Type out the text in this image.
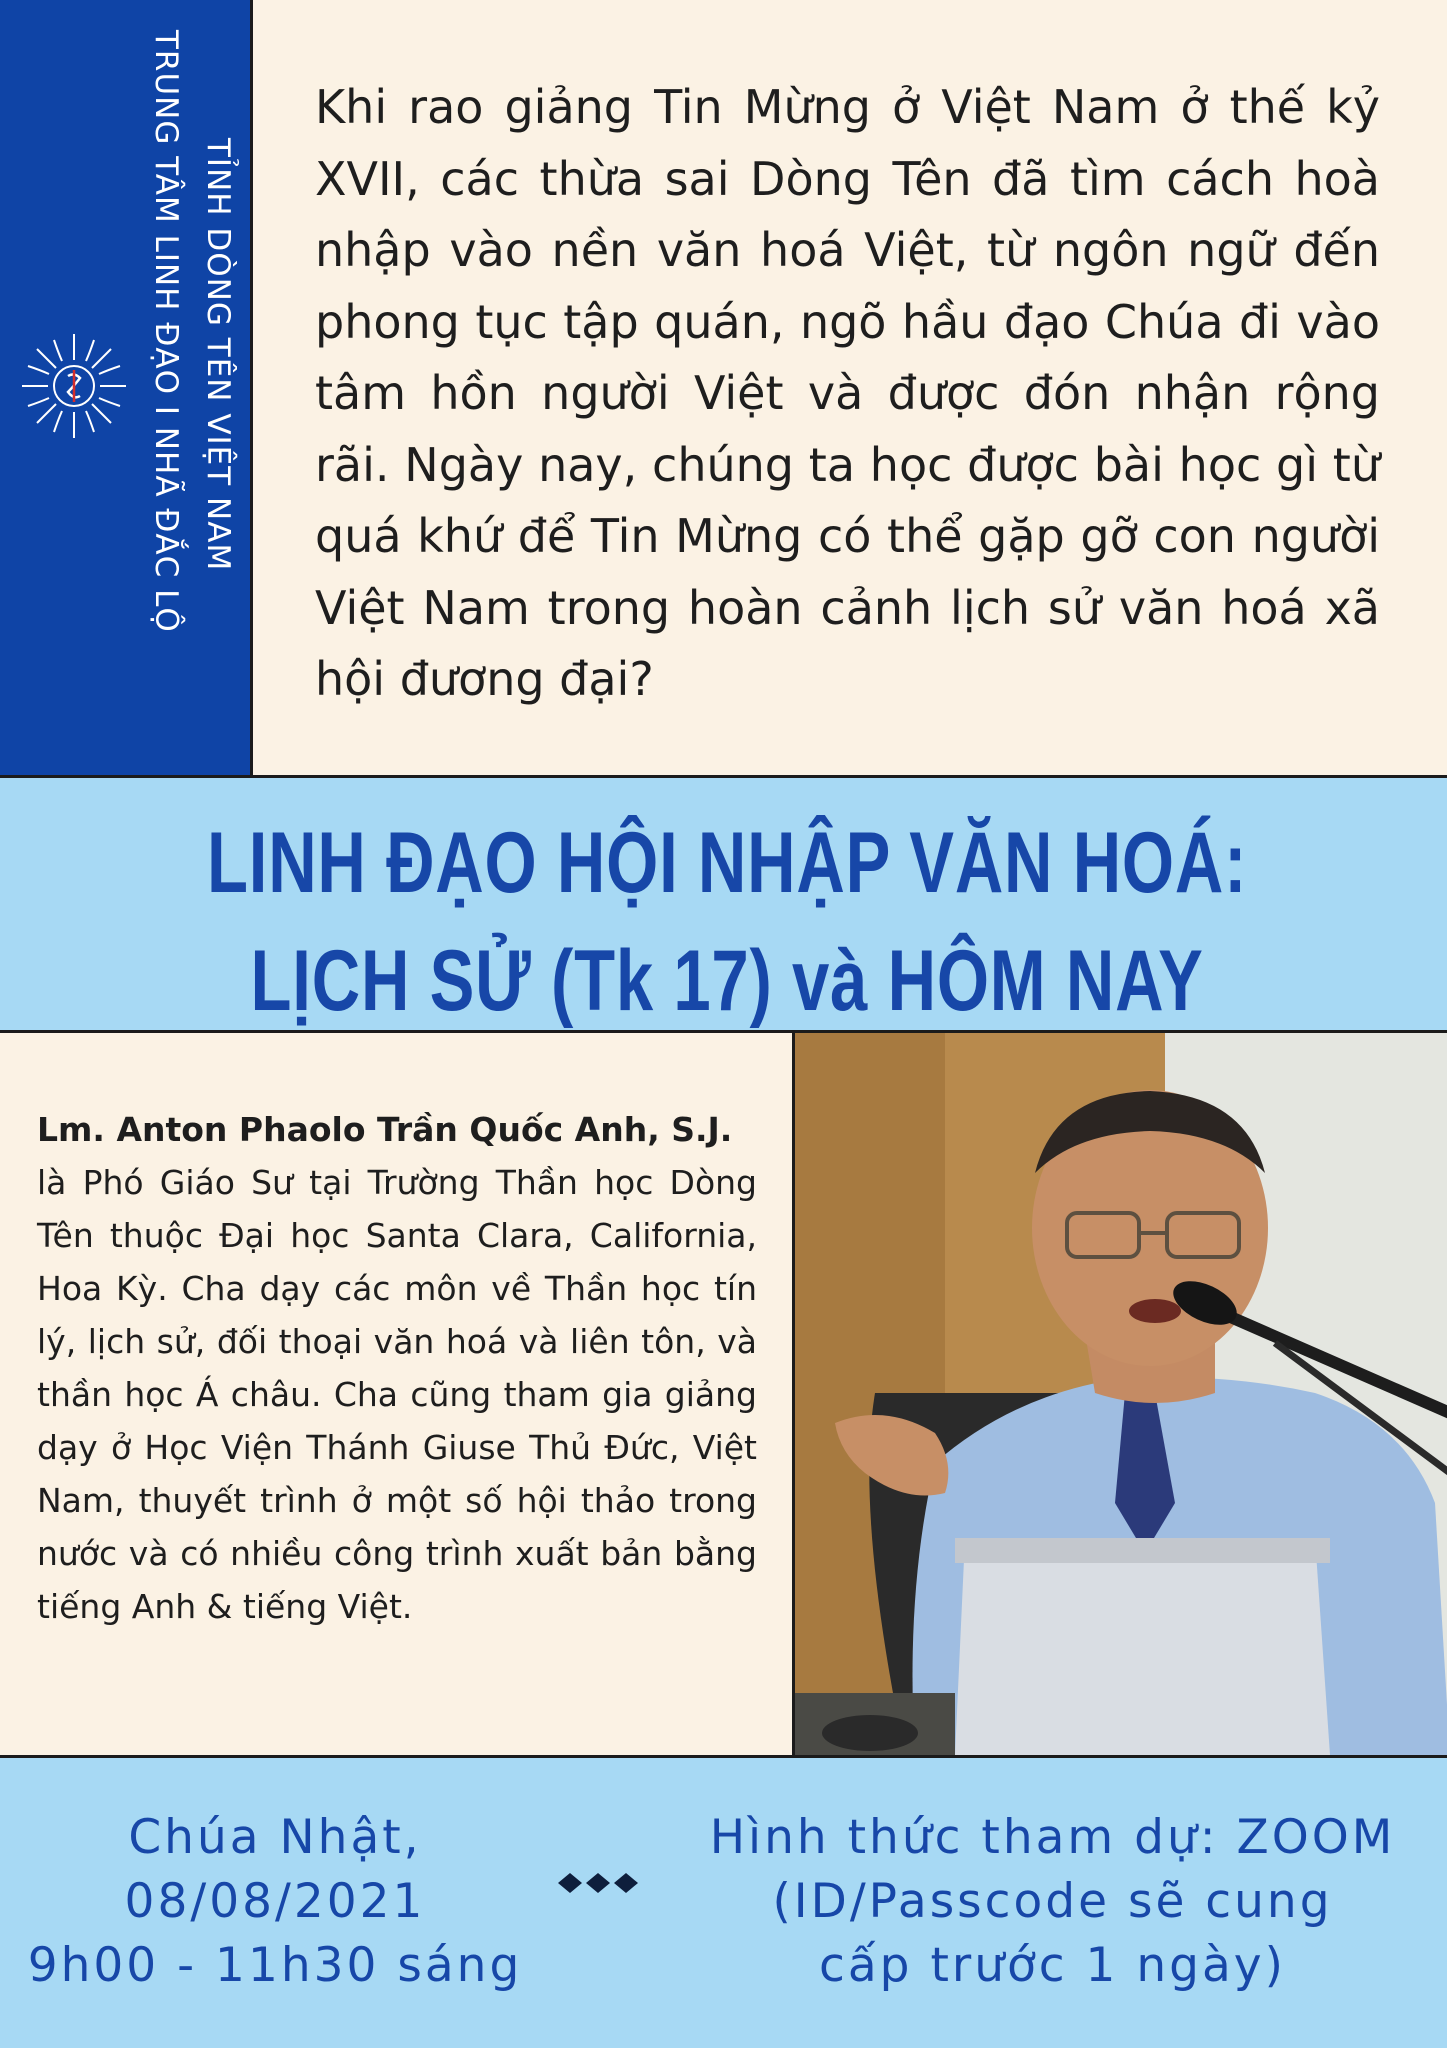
TỈNH DÒNG TÊN VIỆT NAM
TRUNG TÂM LINH ĐẠO I NHÃ ĐẮC LỘ	Khi rao giảng Tin Mừng ở Việt Nam ở thế kỷ XVII, các thừa sai Dòng Tên đã tìm cách hoà nhập vào nền văn hoá Việt, từ ngôn ngữ đến phong tục tập quán, ngõ hầu đạo Chúa đi vào tâm hồn người Việt và được đón nhận rộng rãi. Ngày nay, chúng ta học được bài học gì từ quá khứ để Tin Mừng có thể gặp gỡ con người Việt Nam trong hoàn cảnh lịch sử văn hoá xã hội đương đại?

LINH ĐẠO HỘI NHẬP VĂN HOÁ:
LỊCH SỬ (Tk 17) và HÔM NAY

Lm. Anton Phaolo Trần Quốc Anh, S.J.
là Phó Giáo Sư tại Trường Thần học Dòng Tên thuộc Đại học Santa Clara, California, Hoa Kỳ. Cha dạy các môn về Thần học tín lý, lịch sử, đối thoại văn hoá và liên tôn, và thần học Á châu. Cha cũng tham gia giảng dạy ở Học Viện Thánh Giuse Thủ Đức, Việt Nam, thuyết trình ở một số hội thảo trong nước và có nhiều công trình xuất bản bằng tiếng Anh & tiếng Việt.

Chúa Nhật,
08/08/2021
9h00 - 11h30 sáng
Hình thức tham dự: ZOOM
(ID/Passcode sẽ cung
cấp trước 1 ngày)
